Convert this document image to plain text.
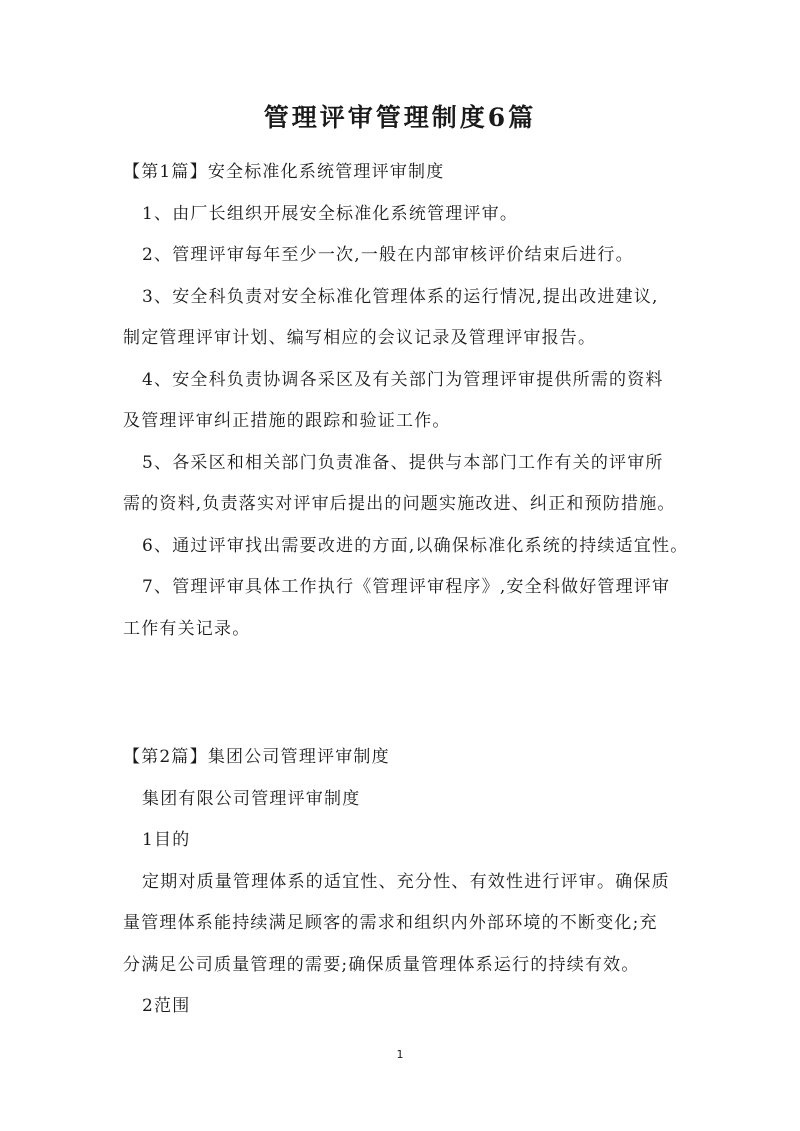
管理评审管理制度6篇
【第1篇】安全标准化系统管理评审制度
1、由厂长组织开展安全标准化系统管理评审。
2、管理评审每年至少一次,一般在内部审核评价结束后进行。
3、安全科负责对安全标准化管理体系的运行情况,提出改进建议,
制定管理评审计划、编写相应的会议记录及管理评审报告。
4、安全科负责协调各采区及有关部门为管理评审提供所需的资料
及管理评审纠正措施的跟踪和验证工作。
5、各采区和相关部门负责准备、提供与本部门工作有关的评审所
需的资料,负责落实对评审后提出的问题实施改进、纠正和预防措施。
6、通过评审找出需要改进的方面,以确保标准化系统的持续适宜性。
7、管理评审具体工作执行《管理评审程序》,安全科做好管理评审
工作有关记录。
【第2篇】集团公司管理评审制度
集团有限公司管理评审制度
1目的
定期对质量管理体系的适宜性、充分性、有效性进行评审。确保质
量管理体系能持续满足顾客的需求和组织内外部环境的不断变化;充
分满足公司质量管理的需要;确保质量管理体系运行的持续有效。
2范围
1
